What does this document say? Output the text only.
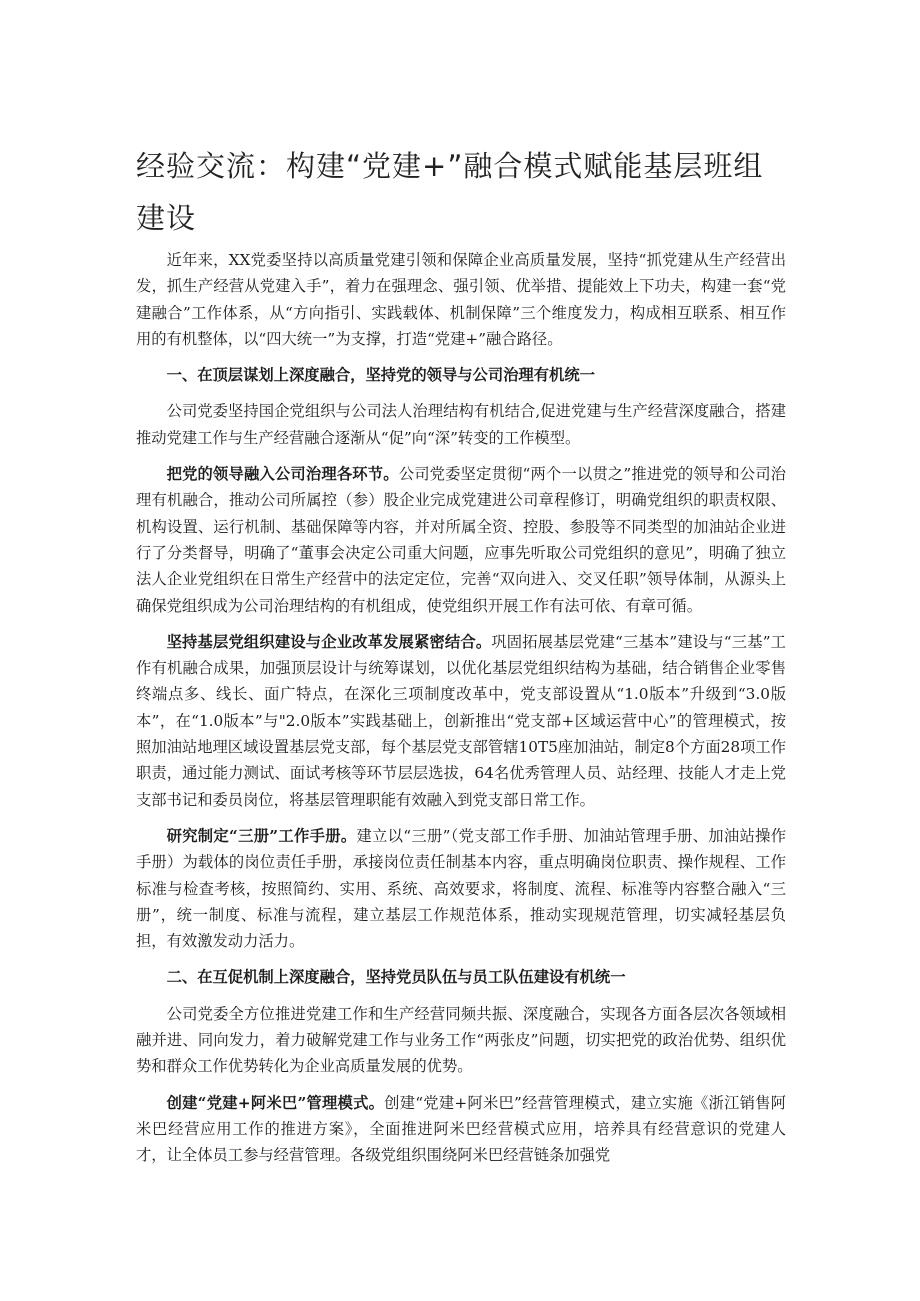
经验交流：构建“党建+”融合模式赋能基层班组建设

近年来，XX党委坚持以高质量党建引领和保障企业高质量发展，坚持“抓党建从生产经营出发，抓生产经营从党建入手”，着力在强理念、强引领、优举措、提能效上下功夫，构建一套“党建融合”工作体系，从“方向指引、实践载体、机制保障”三个维度发力，构成相互联系、相互作用的有机整体，以“四大统一”为支撑，打造“党建+”融合路径。

一、在顶层谋划上深度融合，坚持党的领导与公司治理有机统一

公司党委坚持国企党组织与公司法人治理结构有机结合,促进党建与生产经营深度融合，搭建推动党建工作与生产经营融合逐渐从“促”向“深”转变的工作模型。

把党的领导融入公司治理各环节。公司党委坚定贯彻“两个一以贯之”推进党的领导和公司治理有机融合，推动公司所属控（参）股企业完成党建进公司章程修订，明确党组织的职责权限、机构设置、运行机制、基础保障等内容，并对所属全资、控股、参股等不同类型的加油站企业进行了分类督导，明确了“董事会决定公司重大问题，应事先听取公司党组织的意见”，明确了独立法人企业党组织在日常生产经营中的法定定位，完善“双向进入、交叉任职”领导体制，从源头上确保党组织成为公司治理结构的有机组成，使党组织开展工作有法可依、有章可循。

坚持基层党组织建设与企业改革发展紧密结合。巩固拓展基层党建“三基本”建设与“三基”工作有机融合成果，加强顶层设计与统筹谋划，以优化基层党组织结构为基础，结合销售企业零售终端点多、线长、面广特点，在深化三项制度改革中，党支部设置从“1.0版本”升级到“3.0版本”，在“1.0版本”与"2.0版本”实践基础上，创新推出“党支部+区域运营中心”的管理模式，按照加油站地理区域设置基层党支部，每个基层党支部管辖10T5座加油站，制定8个方面28项工作职责，通过能力测试、面试考核等环节层层选拔，64名优秀管理人员、站经理、技能人才走上党支部书记和委员岗位，将基层管理职能有效融入到党支部日常工作。

研究制定“三册”工作手册。建立以“三册”（党支部工作手册、加油站管理手册、加油站操作手册）为载体的岗位责任手册，承接岗位责任制基本内容，重点明确岗位职责、操作规程、工作标准与检查考核，按照简约、实用、系统、高效要求，将制度、流程、标准等内容整合融入“三册”，统一制度、标准与流程，建立基层工作规范体系，推动实现规范管理，切实减轻基层负担，有效激发动力活力。

二、在互促机制上深度融合，坚持党员队伍与员工队伍建设有机统一

公司党委全方位推进党建工作和生产经营同频共振、深度融合，实现各方面各层次各领域相融并进、同向发力，着力破解党建工作与业务工作“两张皮”问题，切实把党的政治优势、组织优势和群众工作优势转化为企业高质量发展的优势。

创建“党建+阿米巴”管理模式。创建“党建+阿米巴”经营管理模式，建立实施《浙江销售阿米巴经营应用工作的推进方案》，全面推进阿米巴经营模式应用，培养具有经营意识的党建人才，让全体员工参与经营管理。各级党组织围绕阿米巴经营链条加强党
